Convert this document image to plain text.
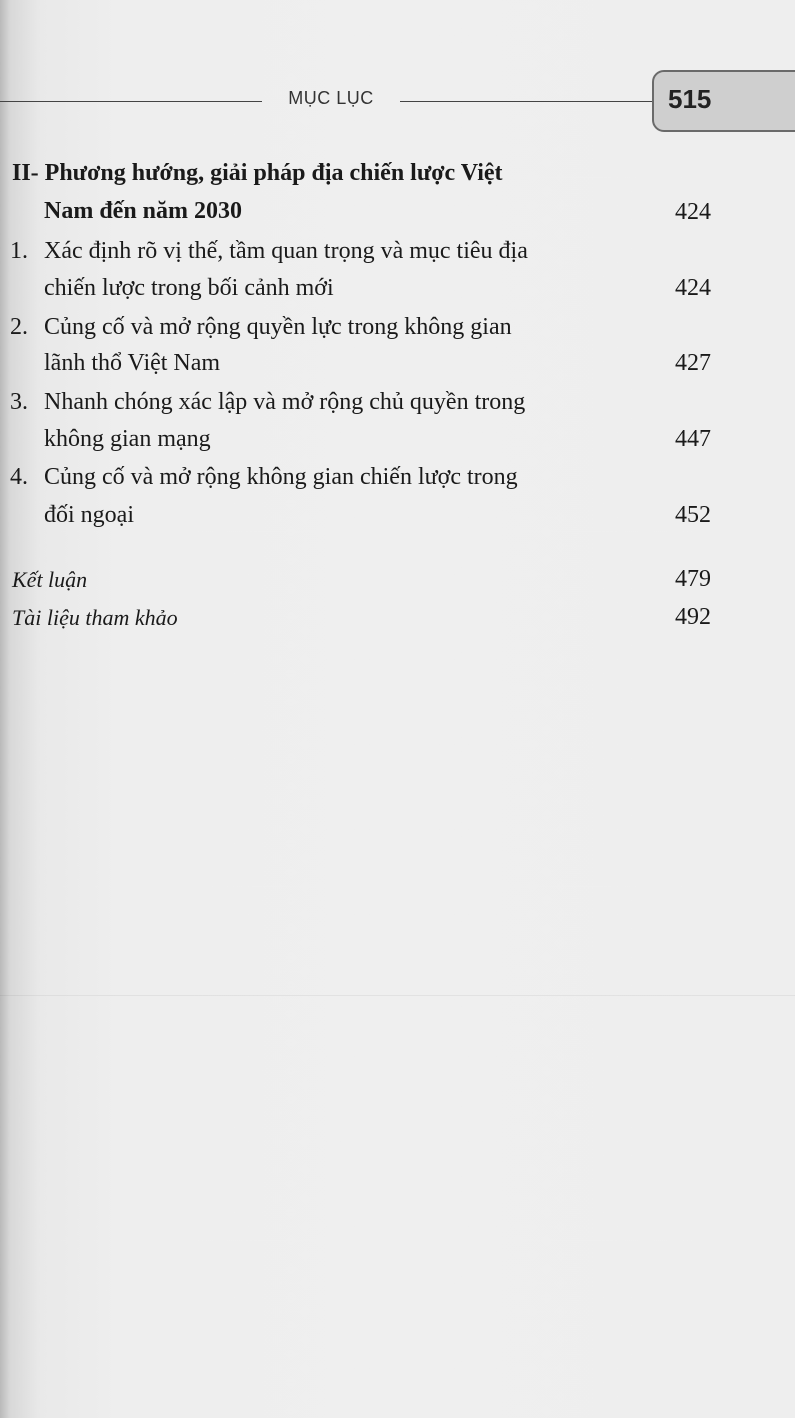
MỤC LỤC	515
II- Phương hướng, giải pháp địa chiến lược Việt
Nam đến năm 2030	424
1. Xác định rõ vị thế, tầm quan trọng và mục tiêu địa
chiến lược trong bối cảnh mới	424
2. Củng cố và mở rộng quyền lực trong không gian
lãnh thổ Việt Nam	427
3. Nhanh chóng xác lập và mở rộng chủ quyền trong
không gian mạng	447
4. Củng cố và mở rộng không gian chiến lược trong
đối ngoại	452
Kết luận	479
Tài liệu tham khảo	492
